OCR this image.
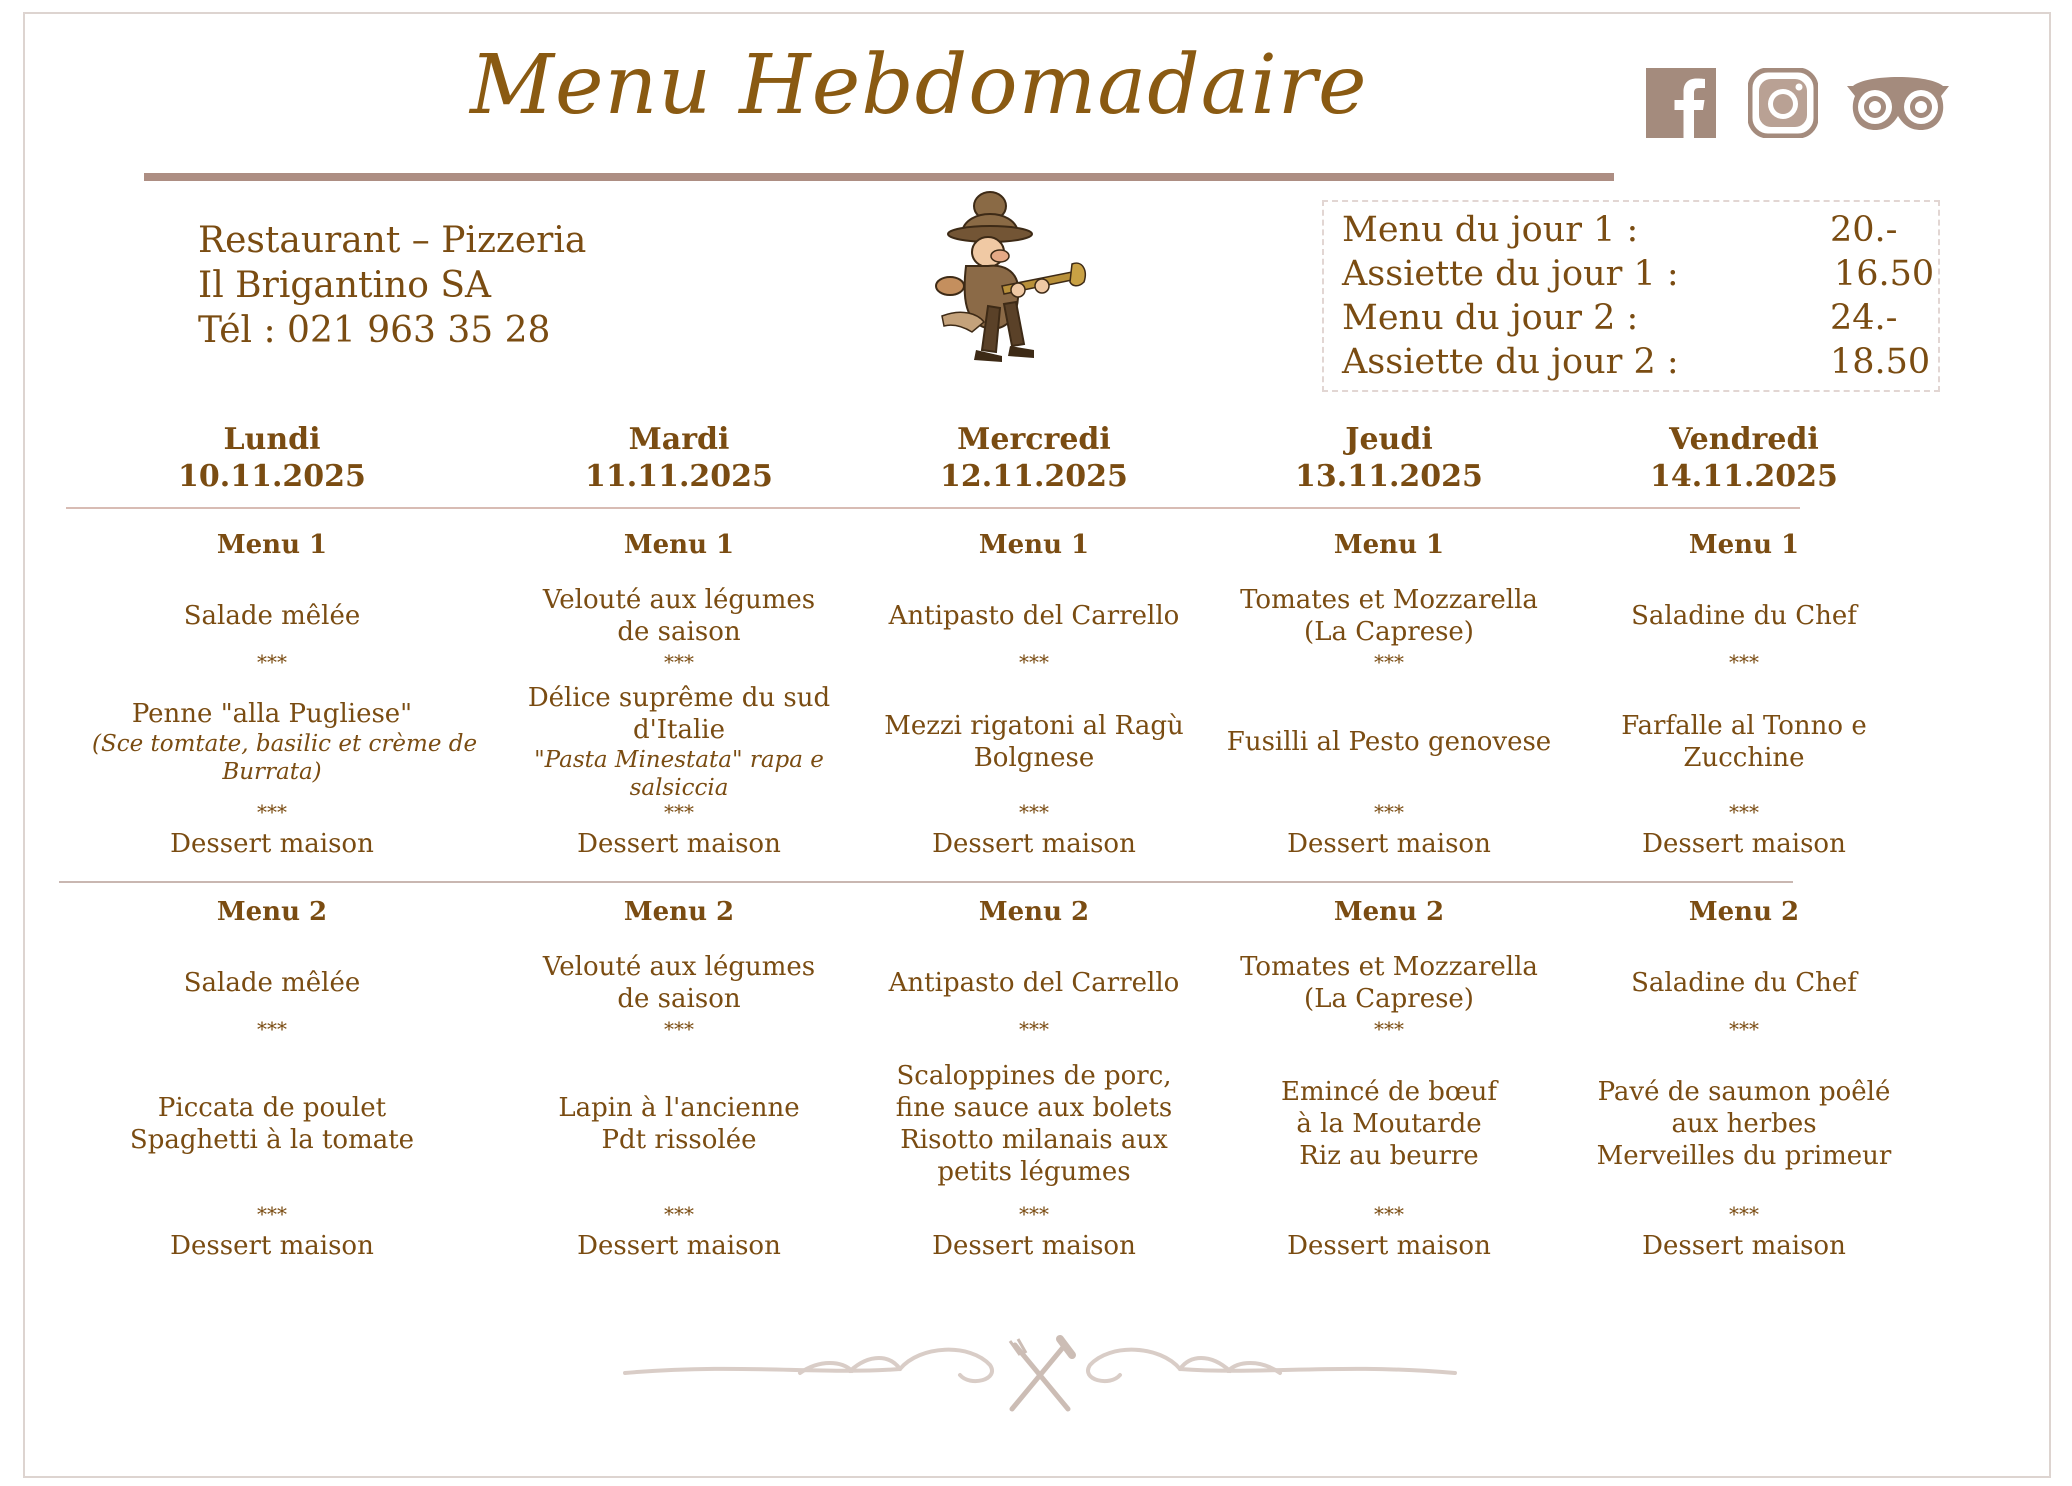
Menu Hebdomadaire
Restaurant – Pizzeria
Il Brigantino SA
Tél : 021 963 35 28
Menu du jour 1 :	20.-
Assiette du jour 1 :	16.50
Menu du jour 2 :	24.-
Assiette du jour 2 :	18.50
Lundi
10.11.2025
Menu 1
Salade mêlée
***
Penne "alla Pugliese"
(Sce tomtate, basilic et crème de
Burrata)
***
Dessert maison
Menu 2
Salade mêlée
***
Piccata de poulet
Spaghetti à la tomate
***
Dessert maison
Mardi
11.11.2025
Menu 1
Velouté aux légumes
de saison
***
Délice suprême du sud
d'Italie
"Pasta Minestata" rapa e
salsiccia
***
Dessert maison
Menu 2
Velouté aux légumes
de saison
***
Lapin à l'ancienne
Pdt rissolée
***
Dessert maison
Mercredi
12.11.2025
Menu 1
Antipasto del Carrello
***
Mezzi rigatoni al Ragù
Bolgnese
***
Dessert maison
Menu 2
Antipasto del Carrello
***
Scaloppines de porc,
fine sauce aux bolets
Risotto milanais aux
petits légumes
***
Dessert maison
Jeudi
13.11.2025
Menu 1
Tomates et Mozzarella
(La Caprese)
***
Fusilli al Pesto genovese
***
Dessert maison
Menu 2
Tomates et Mozzarella
(La Caprese)
***
Emincé de bœuf
à la Moutarde
Riz au beurre
***
Dessert maison
Vendredi
14.11.2025
Menu 1
Saladine du Chef
***
Farfalle al Tonno e
Zucchine
***
Dessert maison
Menu 2
Saladine du Chef
***
Pavé de saumon poêlé
aux herbes
Merveilles du primeur
***
Dessert maison
